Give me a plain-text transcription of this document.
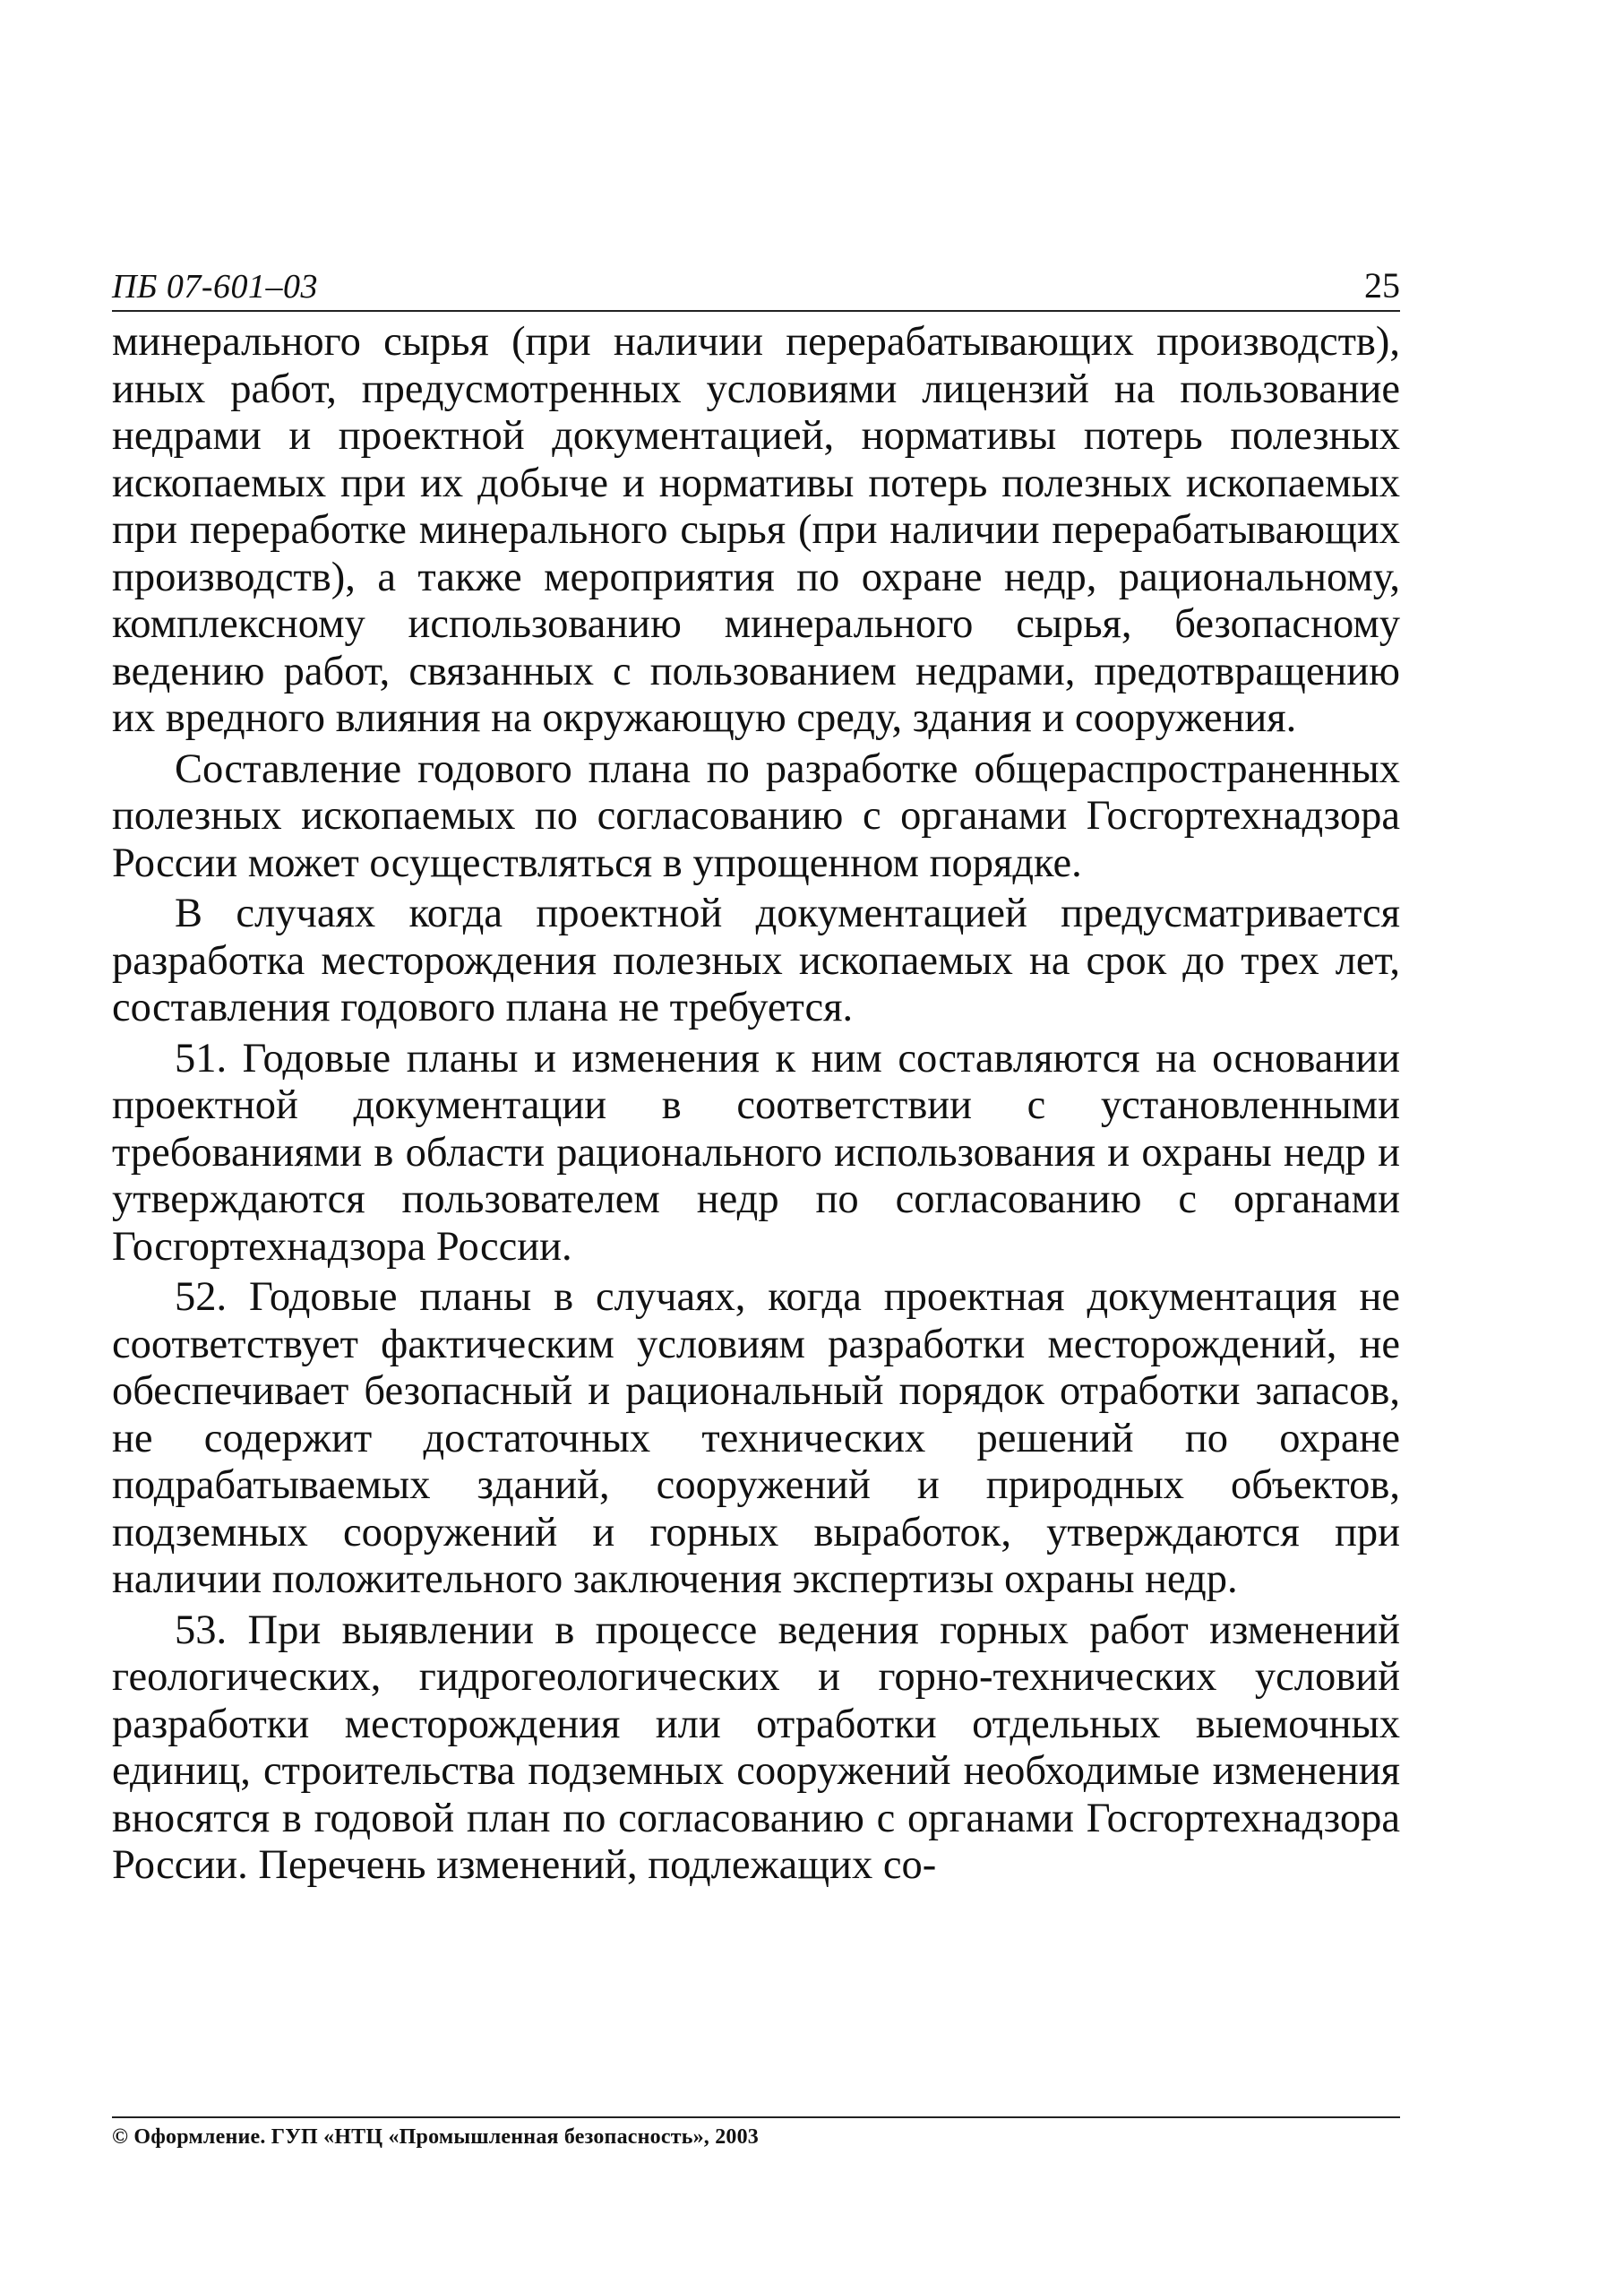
ПБ 07-601–03	25

минерального сырья (при наличии перерабатывающих производств), иных работ, предусмотренных условиями лицензий на пользование недрами и проектной документацией, нормативы потерь полезных ископаемых при их добыче и нормативы потерь полезных ископаемых при переработке минерального сырья (при наличии перерабатывающих производств), а также мероприятия по охране недр, рациональному, комплексному использованию минерального сырья, безопасному ведению работ, связанных с пользованием недрами, предотвращению их вредного влияния на окружающую среду, здания и сооружения.

Составление годового плана по разработке общераспространенных полезных ископаемых по согласованию с органами Госгортехнадзора России может осуществляться в упрощенном порядке.

В случаях когда проектной документацией предусматривается разработка месторождения полезных ископаемых на срок до трех лет, составления годового плана не требуется.

51. Годовые планы и изменения к ним составляются на основании проектной документации в соответствии с установленными требованиями в области рационального использования и охраны недр и утверждаются пользователем недр по согласованию с органами Госгортехнадзора России.

52. Годовые планы в случаях, когда проектная документация не соответствует фактическим условиям разработки месторождений, не обеспечивает безопасный и рациональный порядок отработки запасов, не содержит достаточных технических решений по охране подрабатываемых зданий, сооружений и природных объектов, подземных сооружений и горных выработок, утверждаются при наличии положительного заключения экспертизы охраны недр.

53. При выявлении в процессе ведения горных работ изменений геологических, гидрогеологических и горно-технических условий разработки месторождения или отработки отдельных выемочных единиц, строительства подземных сооружений необходимые изменения вносятся в годовой план по согласованию с органами Госгортехнадзора России. Перечень изменений, подлежащих со-

© Оформление. ГУП «НТЦ «Промышленная безопасность», 2003
